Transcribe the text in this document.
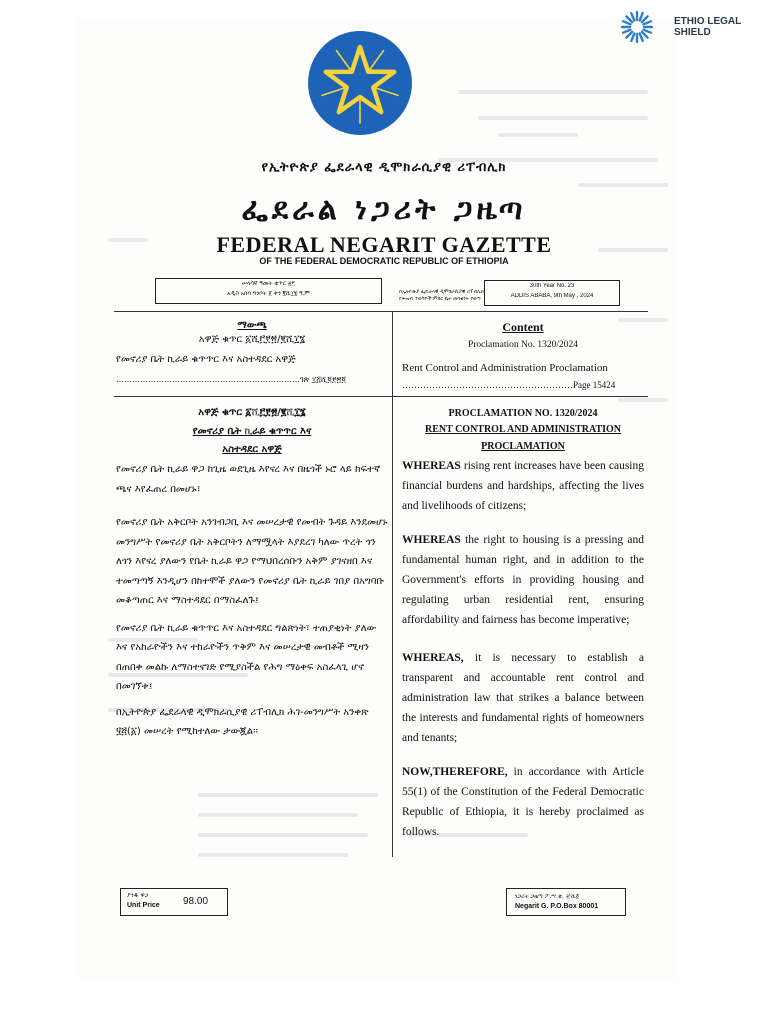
ETHIO LEGAL
SHIELD
የኢትዮጵያ ፌደራላዊ ዲሞክራሲያዊ ሪፐብሊክ
ፌደራል ነጋሪት ጋዜጣ
FEDERAL NEGARIT GAZETTE
OF THE FEDERAL DEMOCRATIC REPUBLIC OF ETHIOPIA
ሠላሳኛ ዓመት ቁጥር ፳፫
አዲስ አበባ ግንቦት ፩ ቀን ፪ሺ፲፮ ዓ.ም	በኢትዮጵያ ፌዴራላዊ ዲሞክራሲያዊ ሪፐብሊክ
የሕዝብ ተወካዮች ምክር ቤት ጠባቂነት የወጣ
30th Year No. 23
ADDIS ABABA, 9th May , 2024
ማውጫ
አዋጅ ቁጥር ፩ሺ፫፻፳/፪ሺ፲፮
የመኖሪያ ቤት ኪራይ ቁጥጥር እና አስተዳደር አዋጅ
……………………………………………………………ገጽ ፲፭ሺ፬፻፳፬
Content
Proclamation No. 1320/2024
Rent Control and Administration Proclamation
…………………………………………………Page 15424
አዋጅ ቁጥር ፩ሺ፫፻፳/፪ሺ፲፮
የመኖሪያ ቤት ኪራይ ቁጥጥር እና
አስተዳደር አዋጅ

የመኖሪያ ቤት ኪራይ ዋጋ ከጊዜ ወደጊዜ እየናረ እና በዜጎች ኑሮ ላይ ከፍተኛ ጫና እየፈጠረ በመሆኑ፣

የመኖሪያ ቤት አቅርቦት አንገብጋቢ እና መሠረታዊ የመብት ጉዳይ እንደመሆኑ መንግሥት የመኖሪያ ቤት አቅርቦትን ለማሟላት እያደረገ ካለው ጥረት ጎን ለጎን እየናረ ያለውን የቤት ኪራይ ዋጋ የማህበረሰቡን አቅም ያገናዘበ እና ተመጣጣኝ እንዲሆን በከተሞች ያለውን የመኖሪያ ቤት ኪራይ ገበያ በአግባቡ መቆጣጠር እና ማስተዳደር በማስፈለጉ፤

የመኖሪያ ቤት ኪራይ ቁጥጥር እና አስተዳደር ግልጽነት፣ ተጠያቂነት ያለው እና የአከራዮችን እና ተከራዮችን ጥቅም እና መሠረታዊ መብቶች ሚዛን በጠበቀ መልኩ ለማስተናገድ የሚያስችል የሕግ ማዕቀፍ አስፈላጊ ሆኖ በመገኘቱ፤

በኢትዮጵያ ፌደራላዊ ዲሞክራሲያዊ ሪፐብሊክ ሕገ-መንግሥት አንቀጽ ፶፭(፩) መሠረት የሚከተለው ታውጇል፡፡

PROCLAMATION NO. 1320/2024
RENT CONTROL AND ADMINISTRATION
PROCLAMATION

WHEREAS rising rent increases have been causing financial burdens and hardships, affecting the lives and livelihoods of citizens;

WHEREAS the right to housing is a pressing and fundamental human right, and in addition to the Government's efforts in providing housing and regulating urban residential rent, ensuring affordability and fairness has become imperative;

WHEREAS, it is necessary to establish a transparent and accountable rent control and administration law that strikes a balance between the interests and fundamental rights of homeowners and tenants;

NOW,THEREFORE, in accordance with Article 55(1) of the Constitution of the Federal Democratic Republic of Ethiopia, it is hereby proclaimed as follows.

ያንዱ ዋጋ
Unit Price 98.00	ነጋሪት ጋዜጣ ፖ.ሣ.ቁ. ፹ሺ፩
Negarit G. P.O.Box 80001
